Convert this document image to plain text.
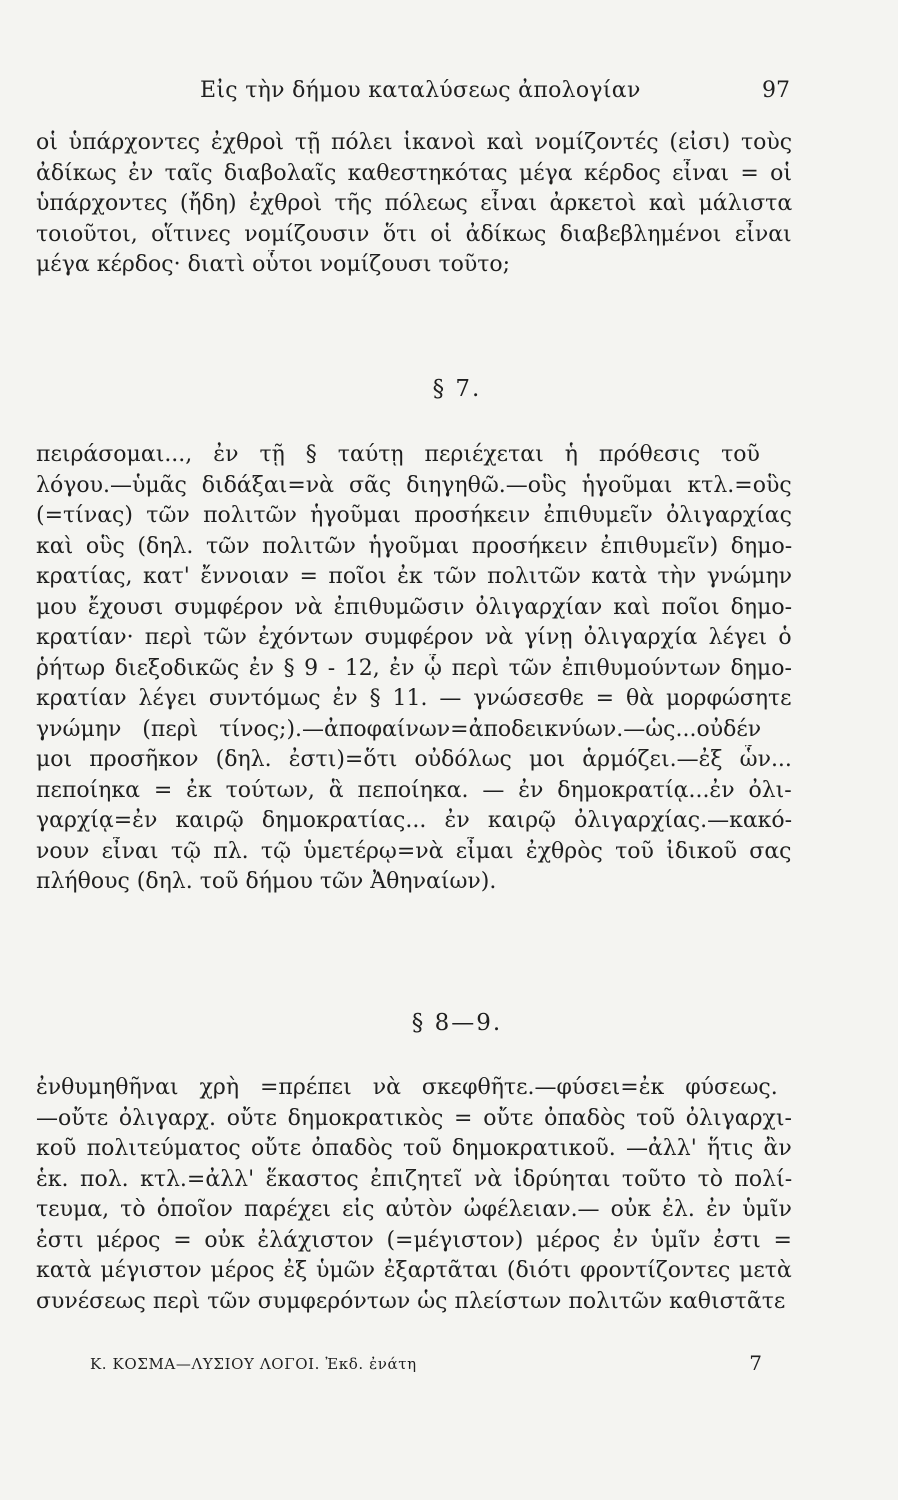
Εἰς τὴν δήμου καταλύσεως ἀπολογίαν	97
οἱ ὑπάρχοντες ἐχθροὶ τῇ πόλει ἱκανοὶ καὶ νομίζοντές (εἰσι) τοὺς
ἀδίκως ἐν ταῖς διαβολαῖς καθεστηκότας μέγα κέρδος εἶναι = οἱ
ὑπάρχοντες (ἤδη) ἐχθροὶ τῆς πόλεως εἶναι ἀρκετοὶ καὶ μάλιστα
τοιοῦτοι, οἵτινες νομίζουσιν ὅτι οἱ ἀδίκως διαβεβλημένοι εἶναι
μέγα κέρδος· διατὶ οὗτοι νομίζουσι τοῦτο;
§ 7.
πειράσομαι..., ἐν τῇ § ταύτῃ περιέχεται ἡ πρόθεσις τοῦ
λόγου.—ὑμᾶς διδάξαι=νὰ σᾶς διηγηθῶ.—οὓς ἡγοῦμαι κτλ.=οὓς
(=τίνας) τῶν πολιτῶν ἡγοῦμαι προσήκειν ἐπιθυμεῖν ὀλιγαρχίας
καὶ οὓς (δηλ. τῶν πολιτῶν ἡγοῦμαι προσήκειν ἐπιθυμεῖν) δημο-
κρατίας, κατ' ἔννοιαν = ποῖοι ἐκ τῶν πολιτῶν κατὰ τὴν γνώμην
μου ἔχουσι συμφέρον νὰ ἐπιθυμῶσιν ὀλιγαρχίαν καὶ ποῖοι δημο-
κρατίαν· περὶ τῶν ἐχόντων συμφέρον νὰ γίνῃ ὀλιγαρχία λέγει ὁ
ῥήτωρ διεξοδικῶς ἐν § 9 - 12, ἐν ᾧ περὶ τῶν ἐπιθυμούντων δημο-
κρατίαν λέγει συντόμως ἐν § 11. — γνώσεσθε = θὰ μορφώσητε
γνώμην (περὶ τίνος;).—ἀποφαίνων=ἀποδεικνύων.—ὡς...οὐδέν
μοι προσῆκον (δηλ. ἐστι)=ὅτι οὐδόλως μοι ἁρμόζει.—ἐξ ὧν...
πεποίηκα = ἐκ τούτων, ἃ πεποίηκα. — ἐν δημοκρατίᾳ...ἐν ὀλι-
γαρχίᾳ=ἐν καιρῷ δημοκρατίας... ἐν καιρῷ ὀλιγαρχίας.—κακό-
νουν εἶναι τῷ πλ. τῷ ὑμετέρῳ=νὰ εἶμαι ἐχθρὸς τοῦ ἰδικοῦ σας
πλήθους (δηλ. τοῦ δήμου τῶν Ἀθηναίων).
§ 8—9.
ἐνθυμηθῆναι χρὴ =πρέπει νὰ σκεφθῆτε.—φύσει=ἐκ φύσεως.
—οὔτε ὀλιγαρχ. οὔτε δημοκρατικὸς = οὔτε ὀπαδὸς τοῦ ὀλιγαρχι-
κοῦ πολιτεύματος οὔτε ὀπαδὸς τοῦ δημοκρατικοῦ. —ἀλλ' ἥτις ἂν
ἑκ. πολ. κτλ.=ἀλλ' ἕκαστος ἐπιζητεῖ νὰ ἱδρύηται τοῦτο τὸ πολί-
τευμα, τὸ ὁποῖον παρέχει εἰς αὐτὸν ὠφέλειαν.— οὐκ ἐλ. ἐν ὑμῖν
ἐστι μέρος = οὐκ ἐλάχιστον (=μέγιστον) μέρος ἐν ὑμῖν ἐστι =
κατὰ μέγιστον μέρος ἐξ ὑμῶν ἐξαρτᾶται (διότι φροντίζοντες μετὰ
συνέσεως περὶ τῶν συμφερόντων ὡς πλείστων πολιτῶν καθιστᾶτε
Κ. ΚΟΣΜΑ—ΛΥΣΙΟΥ ΛΟΓΟΙ. Ἐκδ. ἐνάτη	7
